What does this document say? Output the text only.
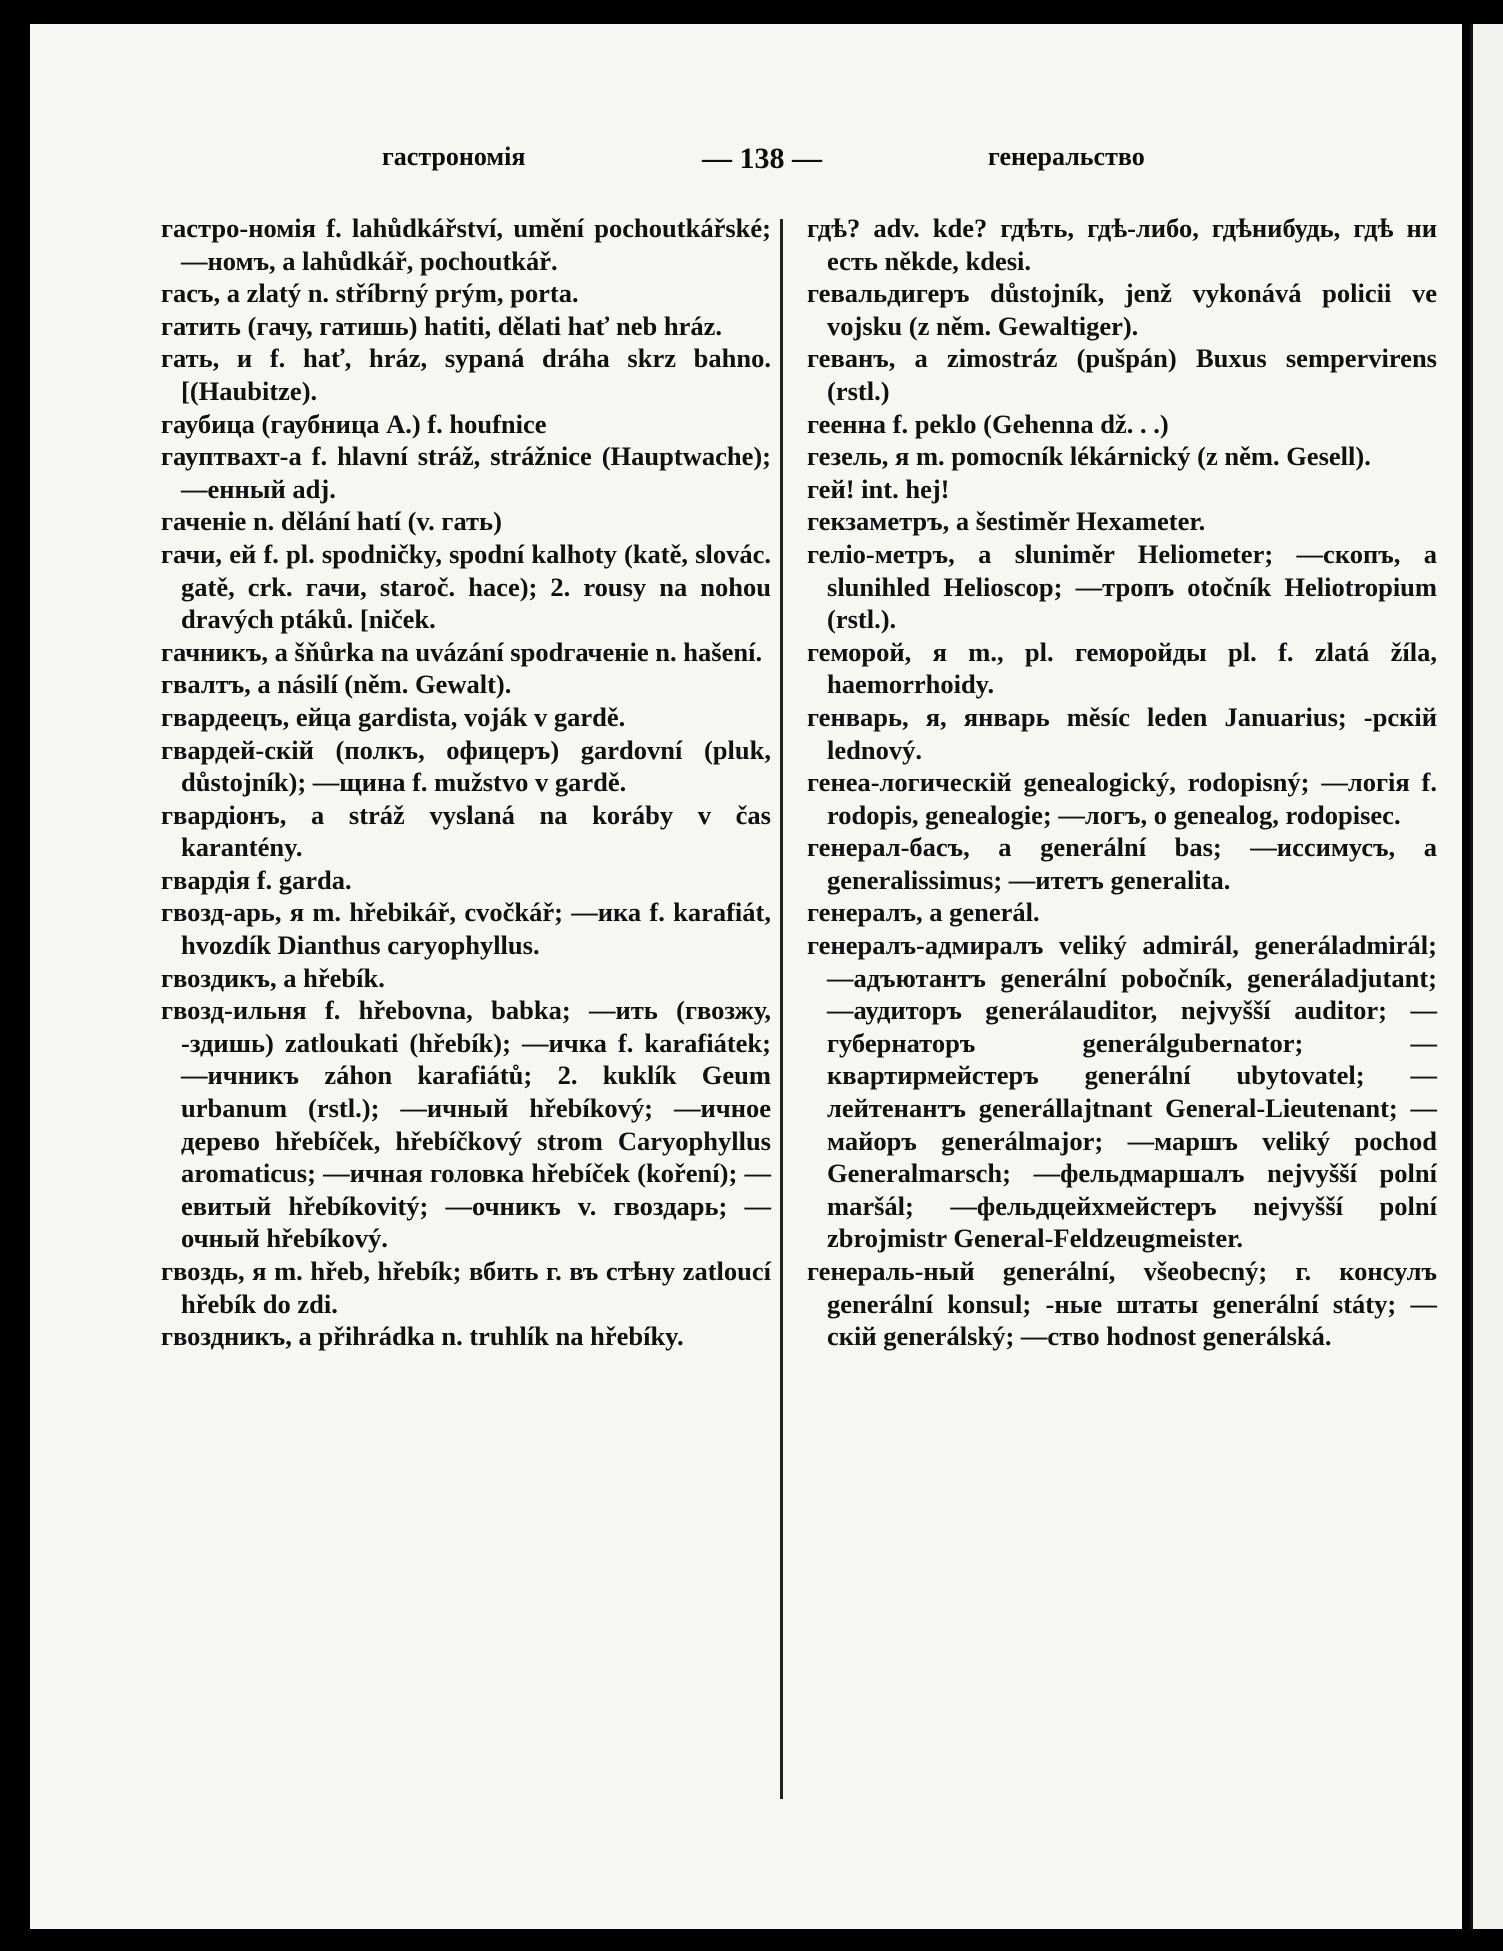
гастрономія	— 138 —	генеральство

гастро-номія f. lahůdkářství, umění pochoutkářské; —номъ, a lahůdkář, pochoutkář.

гасъ, a zlatý n. stříbrný prým, porta.

гатить (гачу, гатишь) hatiti, dělati hať neb hráz.

гать, и f. hať, hráz, sypaná dráha skrz bahno. [(Haubitze).

гаубица (гаубница A.) f. houfnice

гауптвахт-а f. hlavní stráž, strážnice (Hauptwache); —енный adj.

гаченіе n. dělání hatí (v. гать)

гачи, ей f. pl. spodničky, spodní kalhoty (katě, slovác. gatě, crk. гачи, staroč. hace); 2. rousy na nohou dravých ptáků. [niček.

гачникъ, a šňůrka na uvázání spodгаченіе n. hašení.

гвалтъ, a násilí (něm. Gewalt).

гвардеецъ, ейца gardista, voják v gardě.

гвардей-скій (полкъ, офицеръ) gardovní (pluk, důstojník); —щина f. mužstvo v gardě.

гвардіонъ, a stráž vyslaná na koráby v čas karantény.

гвардія f. garda.

гвозд-арь, я m. hřebikář, cvočkář; —ика f. karafiát, hvozdík Dianthus caryophyllus.

гвоздикъ, a hřebík.

гвозд-ильня f. hřebovna, babka; —ить (гвозжу, -здишь) zatloukati (hřebík); —ичка f. karafiátek; —ичникъ záhon karafiátů; 2. kuklík Geum urbanum (rstl.); —ичный hřebíkový; —ичное дерево hřebíček, hřebíčkový strom Caryophyllus aromaticus; —ичная головка hřebíček (koření); —евитый hřebíkovitý; —очникъ v. гвоздарь; —очный hřebíkový.

гвоздь, я m. hřeb, hřebík; вбить г. въ стѣну zatloucí hřebík do zdi.

гвоздникъ, a přihrádka n. truhlík na hřebíky.

гдѣ? adv. kde? гдѣть, гдѣ-либо, гдѣнибудь, гдѣ ни есть někde, kdesi.

гевальдигеръ důstojník, jenž vykonává policii ve vojsku (z něm. Gewaltiger).

геванъ, a zimostráz (pušpán) Buxus sempervirens (rstl.)

геенна f. peklo (Gehenna dž. . .)

гезель, я m. pomocník lékárnický (z něm. Gesell).

гей! int. hej!

гекзаметръ, a šestiměr Hexameter.

гелio-метръ, a sluniměr Heliometer; —скопъ, a slunihled Helioscop; —тропъ otočník Heliotropium (rstl.).

геморой, я m., pl. геморойды pl. f. zlatá žíla, haemorrhoidy.

генварь, я, январь měsíc leden Januarius; -рскій lednový.

генеа-логическій genealogický, rodopisný; —логія f. rodopis, genealogie; —логъ, o genealog, rodopisec.

генерал-басъ, a generální bas; —иссимусъ, a generalissimus; —итетъ generalita.

генералъ, a generál.

генералъ-адмиралъ veliký admirál, generáladmirál; —адъютантъ generální pobočník, generáladjutant; —аудиторъ generálauditor, nejvyšší auditor; —губернаторъ generálgubernator; —квартирмейстеръ generální ubytovatel; —лейтенантъ generállajtnant General-Lieutenant; —майоръ generálmajor; —маршъ veliký pochod Generalmarsch; —фельдмаршалъ nejvyšší polní maršál; —фельдцейхмейстеръ nejvyšší polní zbrojmistr General-Feldzeugmeister.

генераль-ный generální, všeobecný; г. консулъ generální konsul; -ные штаты generální státy; —скій generálský; —ство hodnost generálská.
